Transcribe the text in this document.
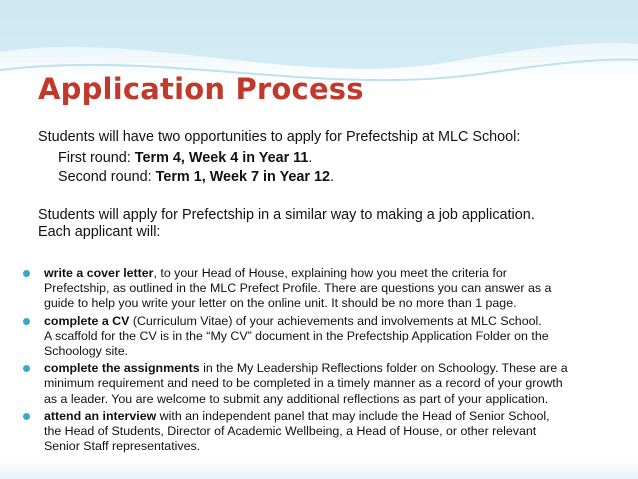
Application Process

Students will have two opportunities to apply for Prefectship at MLC School:

First round: Term 4, Week 4 in Year 11.

Second round: Term 1, Week 7 in Year 12.

Students will apply for Prefectship in a similar way to making a job application.

Each applicant will:

write a cover letter, to your Head of House, explaining how you meet the criteria for
Prefectship, as outlined in the MLC Prefect Profile. There are questions you can answer as a
guide to help you write your letter on the online unit. It should be no more than 1 page.
complete a CV (Curriculum Vitae) of your achievements and involvements at MLC School.
A scaffold for the CV is in the “My CV” document in the Prefectship Application Folder on the
Schoology site.
complete the assignments in the My Leadership Reflections folder on Schoology. These are a
minimum requirement and need to be completed in a timely manner as a record of your growth
as a leader. You are welcome to submit any additional reflections as part of your application.
attend an interview with an independent panel that may include the Head of Senior School,
the Head of Students, Director of Academic Wellbeing, a Head of House, or other relevant
Senior Staff representatives.
